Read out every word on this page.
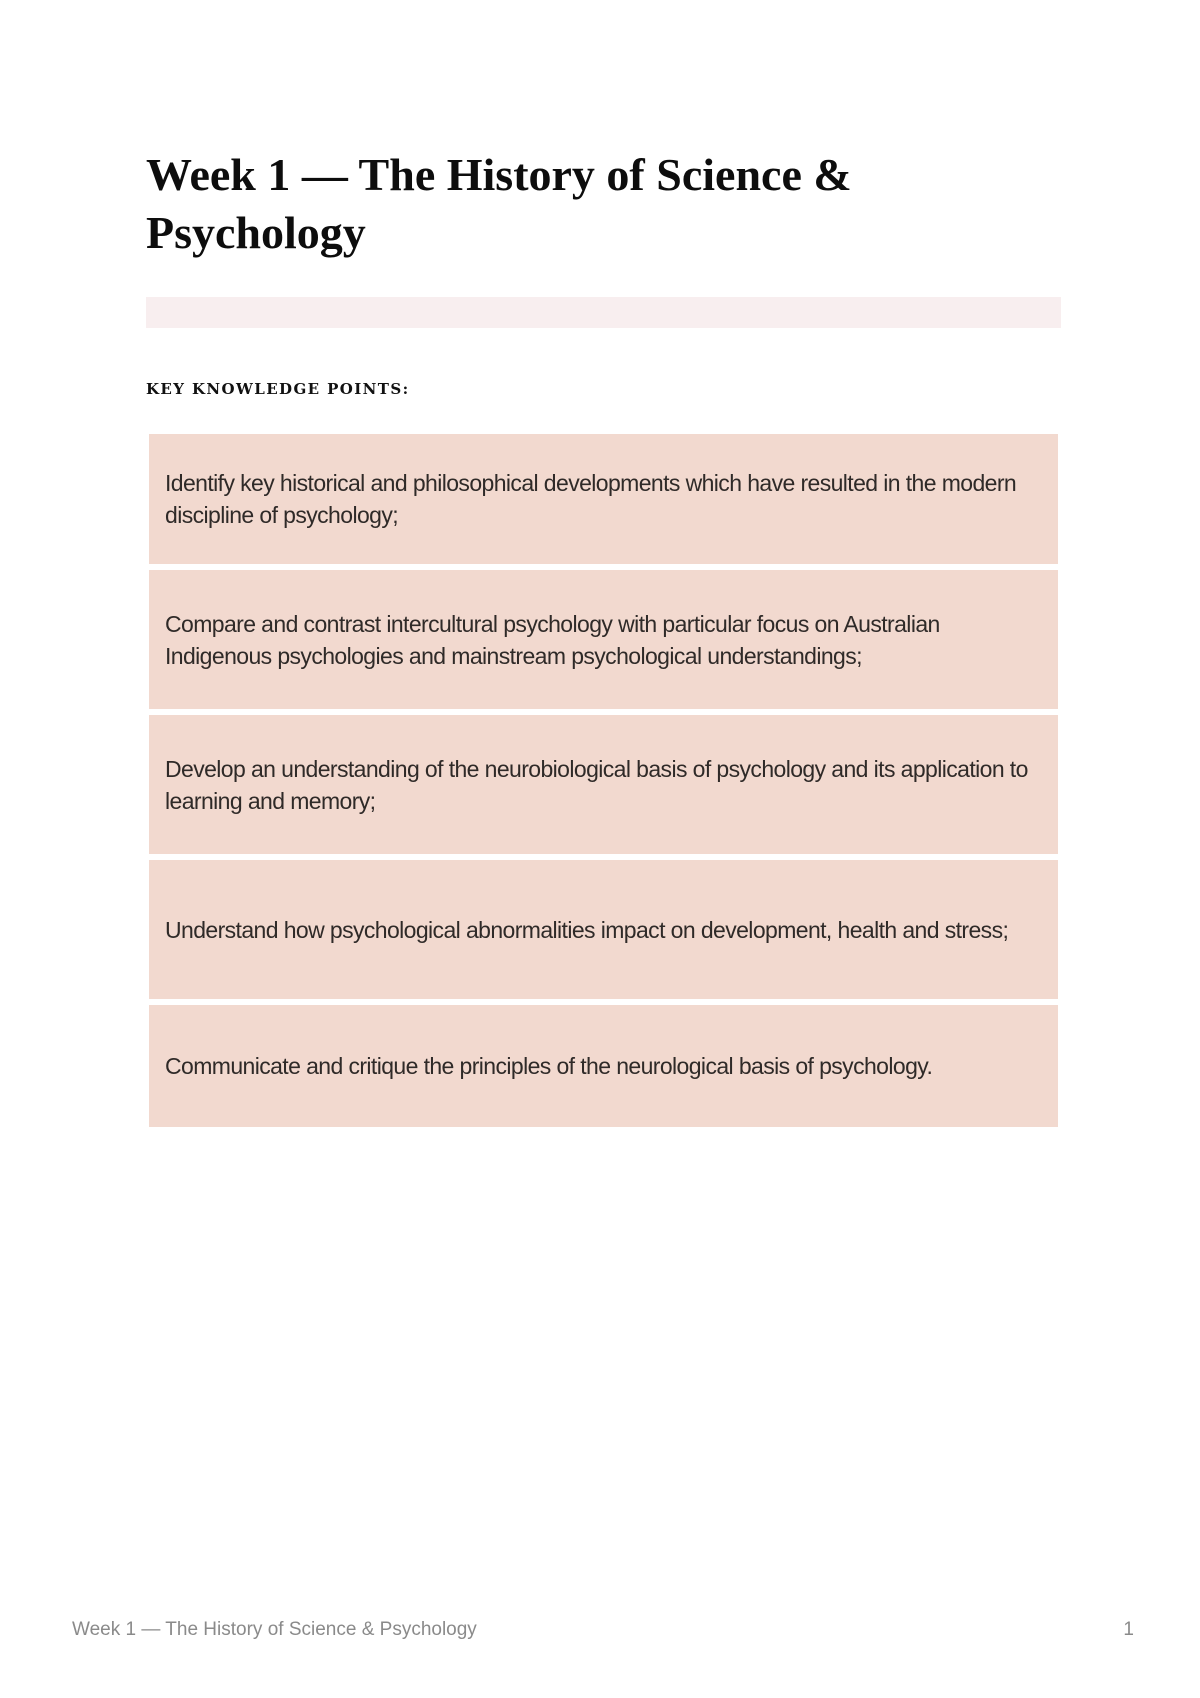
Week 1 — The History of Science & Psychology

KEY KNOWLEDGE POINTS:

Identify key historical and philosophical developments which have resulted in the modern discipline of psychology;
Compare and contrast intercultural psychology with particular focus on Australian Indigenous psychologies and mainstream psychological understandings;
Develop an understanding of the neurobiological basis of psychology and its application to learning and memory;
Understand how psychological abnormalities impact on development, health and stress;
Communicate and critique the principles of the neurological basis of psychology.
Week 1 — The History of Science & Psychology	1
